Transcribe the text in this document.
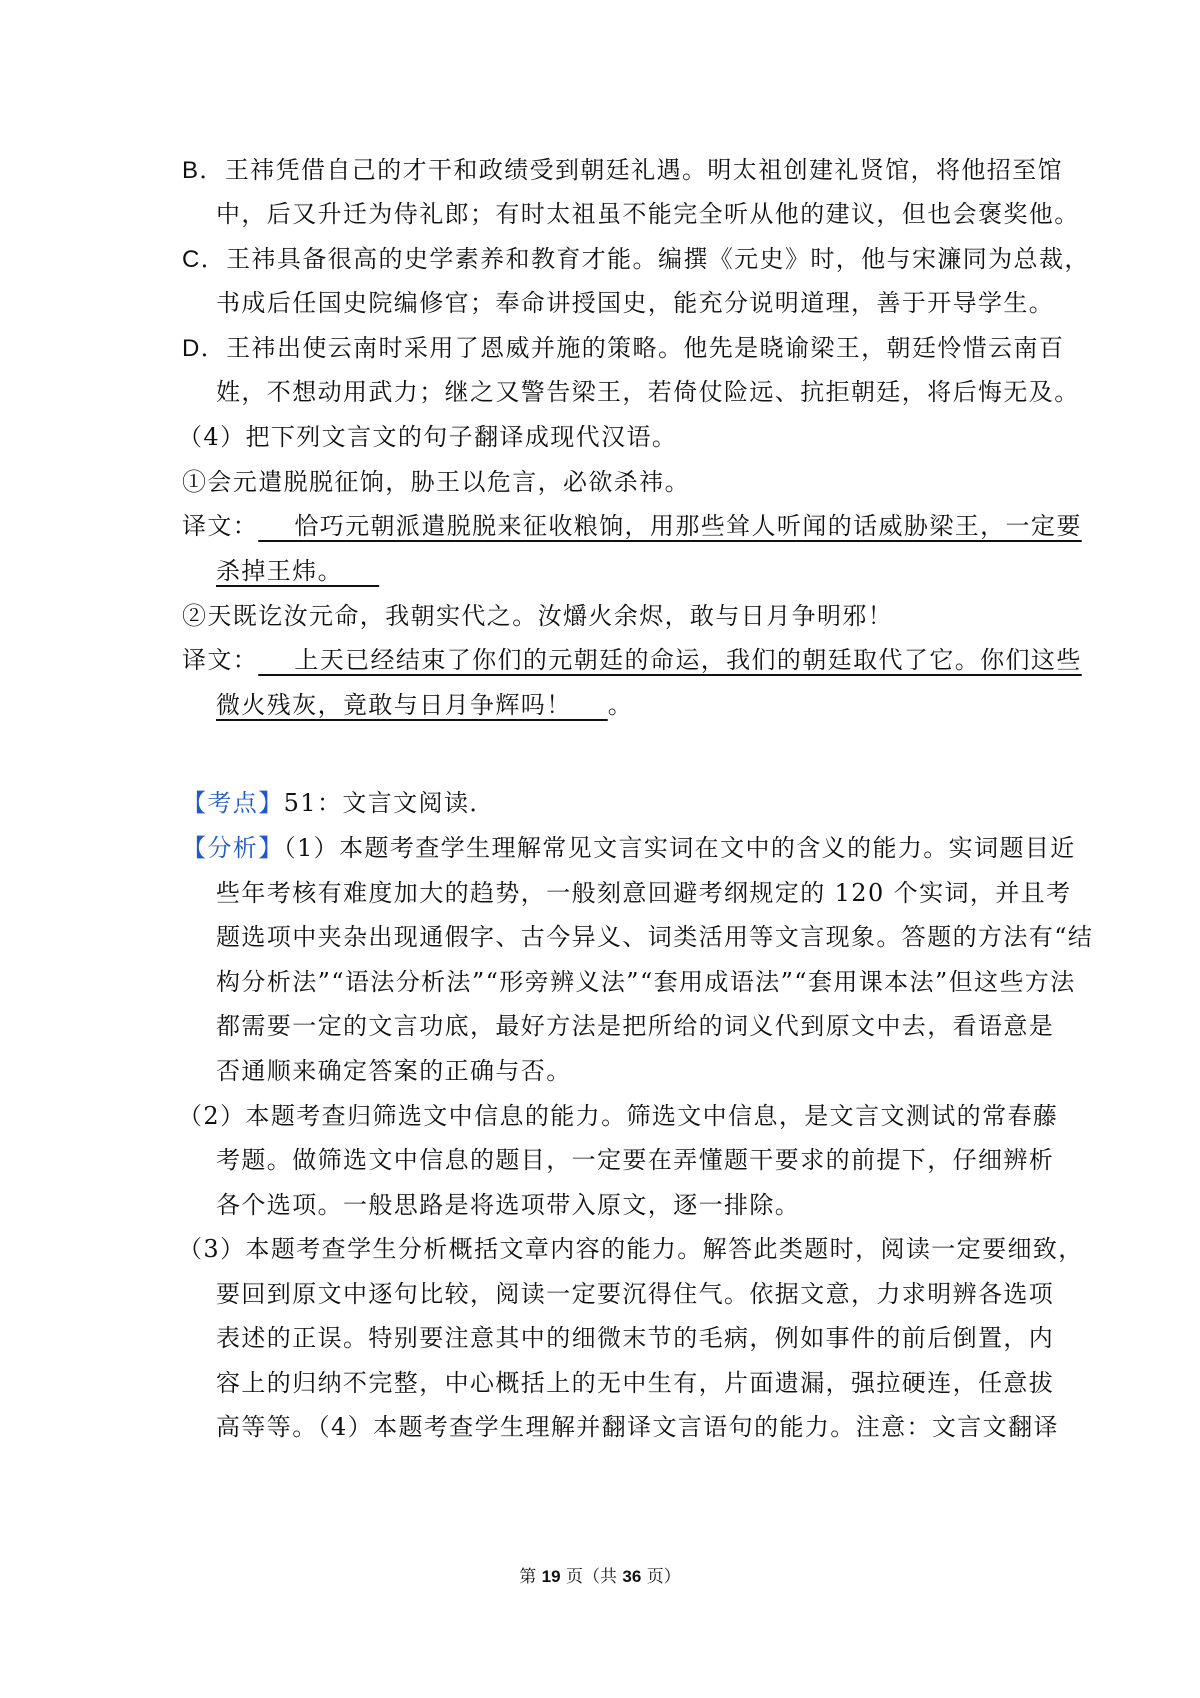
B．王祎凭借自己的才干和政绩受到朝廷礼遇。明太祖创建礼贤馆，将他招至馆
中，后又升迁为侍礼郎；有时太祖虽不能完全听从他的建议，但也会褒奖他。
C．王祎具备很高的史学素养和教育才能。编撰《元史》时，他与宋濂同为总裁，
书成后任国史院编修官；奉命讲授国史，能充分说明道理，善于开导学生。
D．王祎出使云南时采用了恩威并施的策略。他先是晓谕梁王，朝廷怜惜云南百
姓，不想动用武力；继之又警告梁王，若倚仗险远、抗拒朝廷，将后悔无及。
（4）把下列文言文的句子翻译成现代汉语。
①会元遣脱脱征饷，胁王以危言，必欲杀祎。
译文：    恰巧元朝派遣脱脱来征收粮饷，用那些耸人听闻的话威胁梁王，一定要
杀掉王炜。
②天既讫汝元命，我朝实代之。汝爝火余烬，敢与日月争明邪！
译文：    上天已经结束了你们的元朝廷的命运，我们的朝廷取代了它。你们这些
微火残灰，竟敢与日月争辉吗！    。
【考点】51：文言文阅读．
【分析】（1）本题考查学生理解常见文言实词在文中的含义的能力。实词题目近
些年考核有难度加大的趋势，一般刻意回避考纲规定的 120 个实词，并且考
题选项中夹杂出现通假字、古今异义、词类活用等文言现象。答题的方法有“结
构分析法”“语法分析法”“形旁辨义法”“套用成语法”“套用课本法”但这些方法
都需要一定的文言功底，最好方法是把所给的词义代到原文中去，看语意是
否通顺来确定答案的正确与否。
（2）本题考查归筛选文中信息的能力。筛选文中信息，是文言文测试的常春藤
考题。做筛选文中信息的题目，一定要在弄懂题干要求的前提下，仔细辨析
各个选项。一般思路是将选项带入原文，逐一排除。
（3）本题考查学生分析概括文章内容的能力。解答此类题时，阅读一定要细致，
要回到原文中逐句比较，阅读一定要沉得住气。依据文意，力求明辨各选项
表述的正误。特别要注意其中的细微末节的毛病，例如事件的前后倒置，内
容上的归纳不完整，中心概括上的无中生有，片面遗漏，强拉硬连，任意拔
高等等。（4）本题考查学生理解并翻译文言语句的能力。注意：文言文翻译
第 19 页（共 36 页）
